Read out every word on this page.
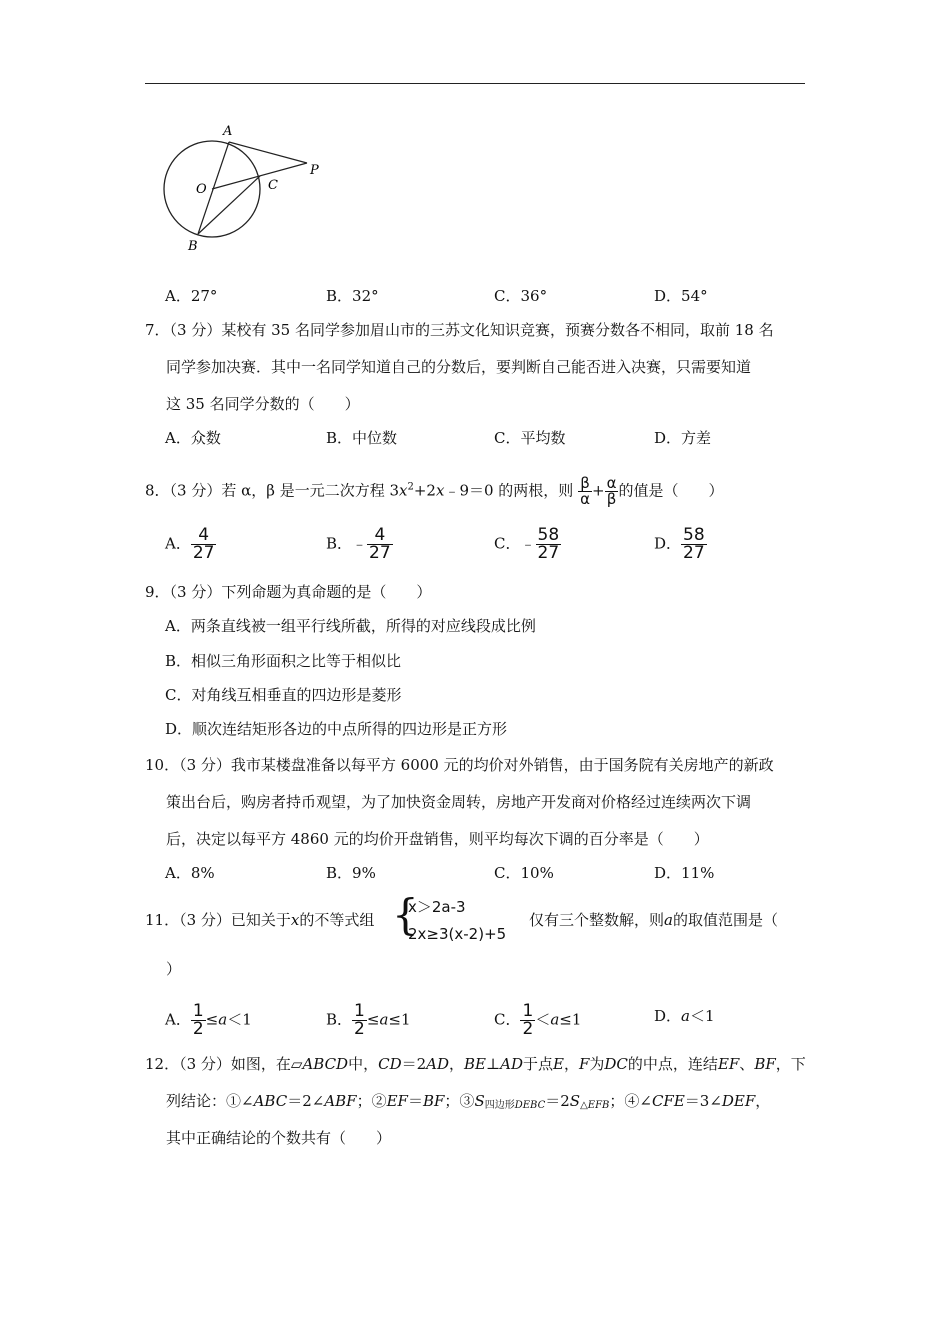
A
O	C
P
B
A．27°	B．32°	C．36°	D．54°
7．（3 分）某校有 35 名同学参加眉山市的三苏文化知识竞赛，预赛分数各不相同，取前 18 名
同学参加决赛．其中一名同学知道自己的分数后，要判断自己能否进入决赛，只需要知道
这 35 名同学分数的（　　）
A．众数	B．中位数	C．平均数	D．方差
8．（3 分）若 α，β 是一元二次方程 $3x^2+2x﹣9=0$ 的两根，则 $\frac{\beta}{\alpha} + \frac{\alpha}{\beta}$ 的值是（　　）
A． $\frac{4}{27}$	B．﹣ $\frac{4}{27}$	C．﹣ $\frac{58}{27}$	D． $\frac{58}{27}$
9．（3 分）下列命题为真命题的是（　　）
A．两条直线被一组平行线所截，所得的对应线段成比例
B．相似三角形面积之比等于相似比
C．对角线互相垂直的四边形是菱形
D．顺次连结矩形各边的中点所得的四边形是正方形
10．（3 分）我市某楼盘准备以每平方 6000 元的均价对外销售，由于国务院有关房地产的新政
策出台后，购房者持币观望，为了加快资金周转，房地产开发商对价格经过连续两次下调
后，决定以每平方 4860 元的均价开盘销售，则平均每次下调的百分率是（　　）
A．8%	B．9%	C．10%	D．11%
11．（3 分）已知关于x的不等式组 {
x＞2a-3
2x≥3(x-2)+5
仅有三个整数解，则a的取值范围是（
）
A． $\frac{1}{2} \le a<1$	B． $\frac{1}{2} \le a\le 1$	C． $\frac{1}{2} <a\le 1$	D．a＜1
12．（3 分）如图，在▱ABCD中，CD＝2AD，BE⊥AD于点E，F为DC的中点，连结EF、BF，下
列结论：①∠ABC＝2∠ABF；②EF＝BF；$③S_{四边形DEBC}=2S_{\triangle EFB}$；④∠CFE＝3∠DEF，
其中正确结论的个数共有（　　）
